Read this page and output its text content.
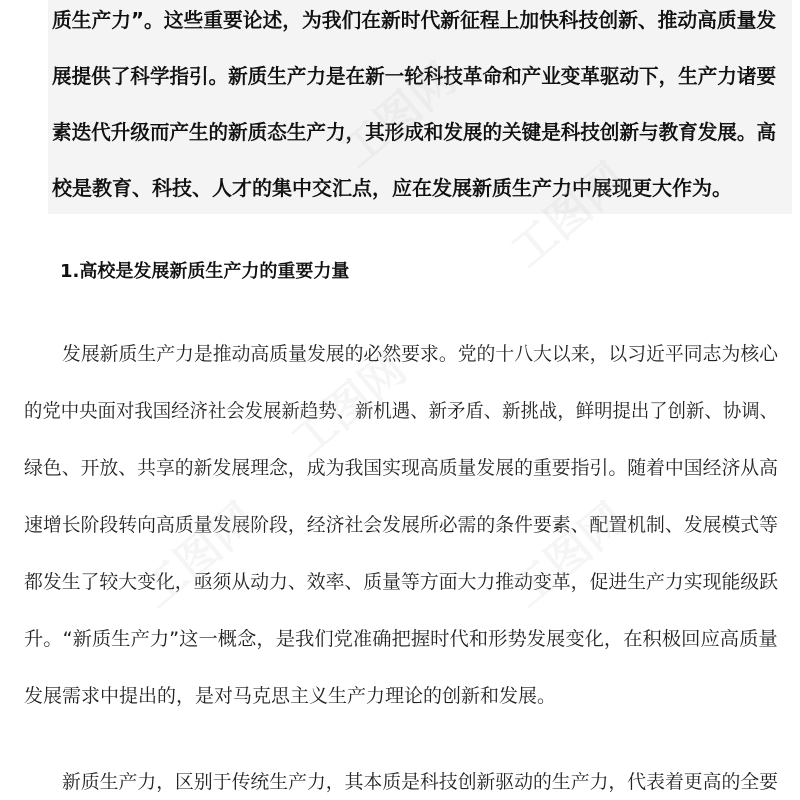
质生产力”。这些重要论述，为我们在新时代新征程上加快科技创新、推动高质量发
展提供了科学指引。新质生产力是在新一轮科技革命和产业变革驱动下，生产力诸要
素迭代升级而产生的新质态生产力，其形成和发展的关键是科技创新与教育发展。高
校是教育、科技、人才的集中交汇点，应在发展新质生产力中展现更大作为。
1.高校是发展新质生产力的重要力量
发展新质生产力是推动高质量发展的必然要求。党的十八大以来，以习近平同志为核心
的党中央面对我国经济社会发展新趋势、新机遇、新矛盾、新挑战，鲜明提出了创新、协调、
绿色、开放、共享的新发展理念，成为我国实现高质量发展的重要指引。随着中国经济从高
速增长阶段转向高质量发展阶段，经济社会发展所必需的条件要素、配置机制、发展模式等
都发生了较大变化，亟须从动力、效率、质量等方面大力推动变革，促进生产力实现能级跃
升。“新质生产力”这一概念，是我们党准确把握时代和形势发展变化，在积极回应高质量
发展需求中提出的，是对马克思主义生产力理论的创新和发展。
新质生产力，区别于传统生产力，其本质是科技创新驱动的生产力，代表着更高的全要
工图网
工图网
工图网	工图网
